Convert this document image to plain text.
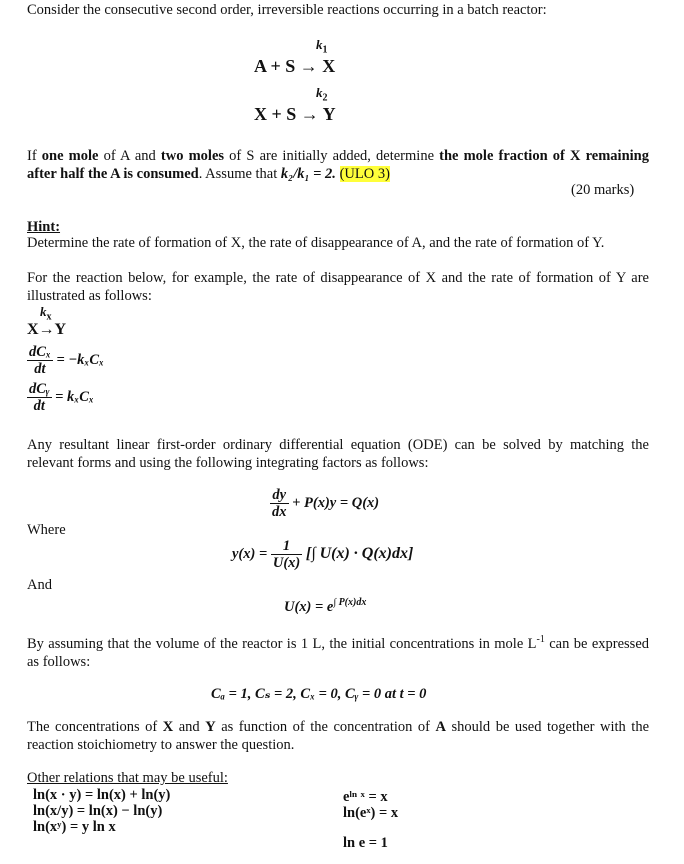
Consider the consecutive second order, irreversible reactions occurring in a batch reactor:
$k_1$
A + S → X
$k_2$
X + S → Y
If one mole of A and two moles of S are initially added, determine the mole fraction of X remaining after half the A is consumed. Assume that k₂/k₁ = 2. (ULO 3)
(20 marks)
Hint:
Determine the rate of formation of X, the rate of disappearance of A, and the rate of formation of Y.
For the reaction below, for example, the rate of disappearance of X and the rate of formation of Y are illustrated as follows:
$k_x$
X→Y
$\frac{\text{dCₓ}}{dt} = -k_xC_x$
$\frac{\text{dCᵧ}}{dt} = k_xC_x$
Any resultant linear first-order ordinary differential equation (ODE) can be solved by matching the relevant forms and using the following integrating factors as follows:
$\frac{dy}{dx} + P(x)y = Q(x)$
Where
$y(x) = \frac{1}{U(x)}$ [∫ U(x) · Q(x)dx]
And
$U(x) = e^{\int P(x)dx}$
By assuming that the volume of the reactor is 1 L, the initial concentrations in mole $L^{-1}$ can be expressed as follows:
Cₐ = 1, Cₛ = 2, Cₓ = 0, Cᵧ = 0 at t = 0
The concentrations of X and Y as function of the concentration of A should be used together with the reaction stoichiometry to answer the question.
Other relations that may be useful:
ln(x · y) = ln(x) + ln(y)
ln(x/y) = ln(x) − ln(y)
ln(xʸ) = y ln x
eˡⁿ ˣ = x
ln(eˣ) = x
ln e = 1
